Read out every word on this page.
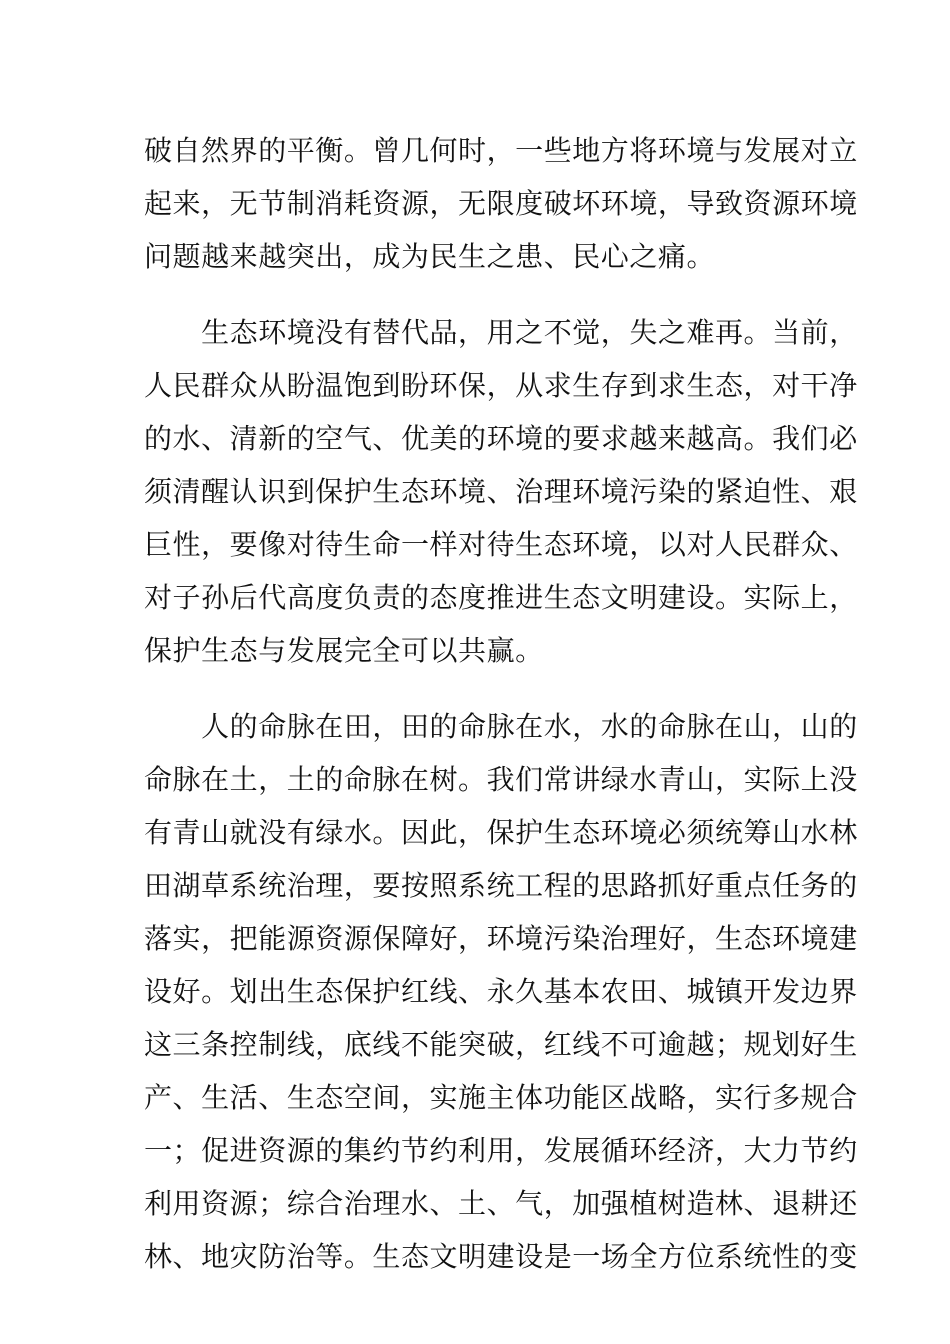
破自然界的平衡。曾几何时，一些地方将环境与发展对立
起来，无节制消耗资源，无限度破坏环境，导致资源环境
问题越来越突出，成为民生之患、民心之痛。
　　生态环境没有替代品，用之不觉，失之难再。当前，
人民群众从盼温饱到盼环保，从求生存到求生态，对干净
的水、清新的空气、优美的环境的要求越来越高。我们必
须清醒认识到保护生态环境、治理环境污染的紧迫性、艰
巨性，要像对待生命一样对待生态环境，以对人民群众、
对子孙后代高度负责的态度推进生态文明建设。实际上，
保护生态与发展完全可以共赢。
　　人的命脉在田，田的命脉在水，水的命脉在山，山的
命脉在土，土的命脉在树。我们常讲绿水青山，实际上没
有青山就没有绿水。因此，保护生态环境必须统筹山水林
田湖草系统治理，要按照系统工程的思路抓好重点任务的
落实，把能源资源保障好，环境污染治理好，生态环境建
设好。划出生态保护红线、永久基本农田、城镇开发边界
这三条控制线，底线不能突破，红线不可逾越；规划好生
产、生活、生态空间，实施主体功能区战略，实行多规合
一；促进资源的集约节约利用，发展循环经济，大力节约
利用资源；综合治理水、土、气，加强植树造林、退耕还
林、地灾防治等。生态文明建设是一场全方位系统性的变
